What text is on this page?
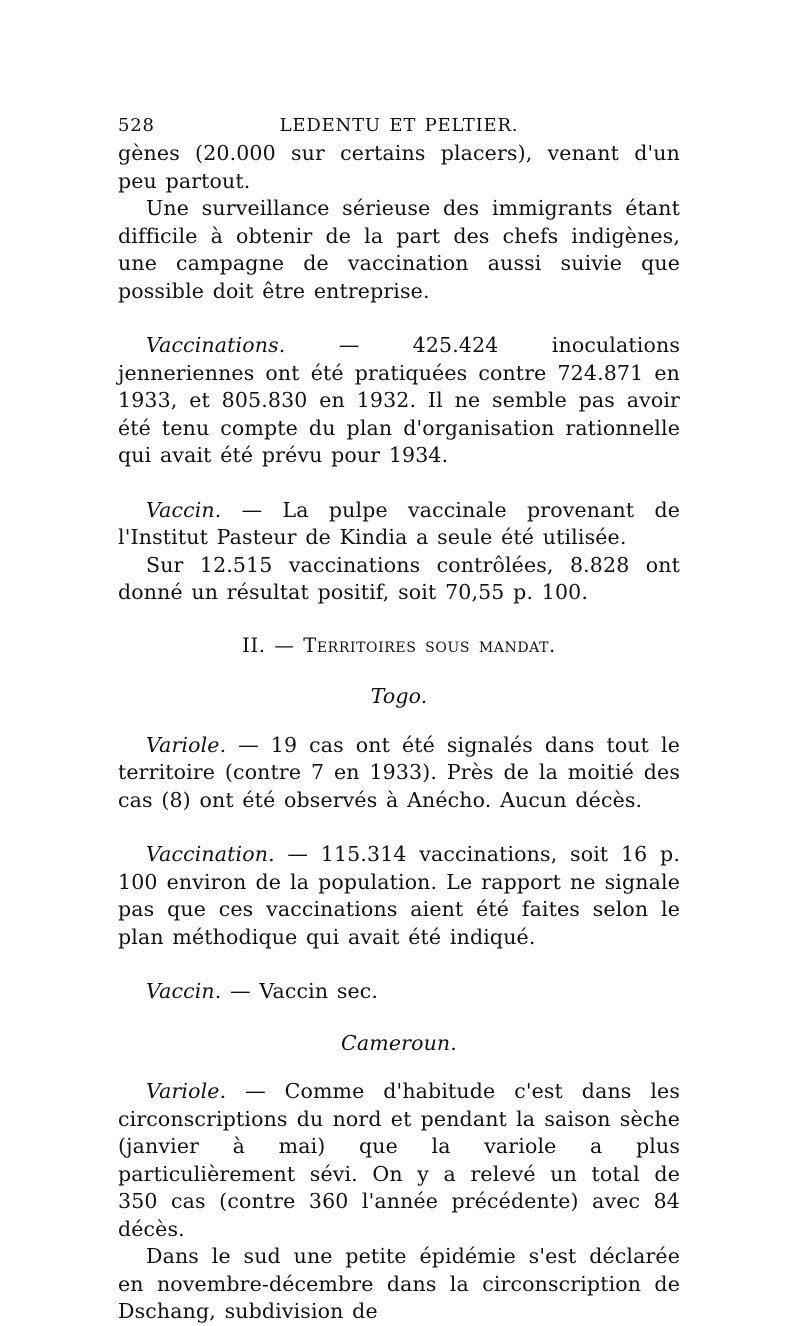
528	LEDENTU ET PELTIER.

gènes (20.000 sur certains placers), venant d'un peu partout.

Une surveillance sérieuse des immigrants étant difficile à obtenir de la part des chefs indigènes, une campagne de vaccination aussi suivie que possible doit être entreprise.

Vaccinations. — 425.424 inoculations jenneriennes ont été pratiquées contre 724.871 en 1933, et 805.830 en 1932. Il ne semble pas avoir été tenu compte du plan d'organisation rationnelle qui avait été prévu pour 1934.

Vaccin. — La pulpe vaccinale provenant de l'Institut Pasteur de Kindia a seule été utilisée.

Sur 12.515 vaccinations contrôlées, 8.828 ont donné un résultat positif, soit 70,55 p. 100.

II. — Territoires sous mandat.
Togo.

Variole. — 19 cas ont été signalés dans tout le territoire (contre 7 en 1933). Près de la moitié des cas (8) ont été observés à Anécho. Aucun décès.

Vaccination. — 115.314 vaccinations, soit 16 p. 100 environ de la population. Le rapport ne signale pas que ces vaccinations aient été faites selon le plan méthodique qui avait été indiqué.

Vaccin. — Vaccin sec.

Cameroun.

Variole. — Comme d'habitude c'est dans les circonscriptions du nord et pendant la saison sèche (janvier à mai) que la variole a plus particulièrement sévi. On y a relevé un total de 350 cas (contre 360 l'année précédente) avec 84 décès.

Dans le sud une petite épidémie s'est déclarée en novembre-décembre dans la circonscription de Dschang, subdivision de
